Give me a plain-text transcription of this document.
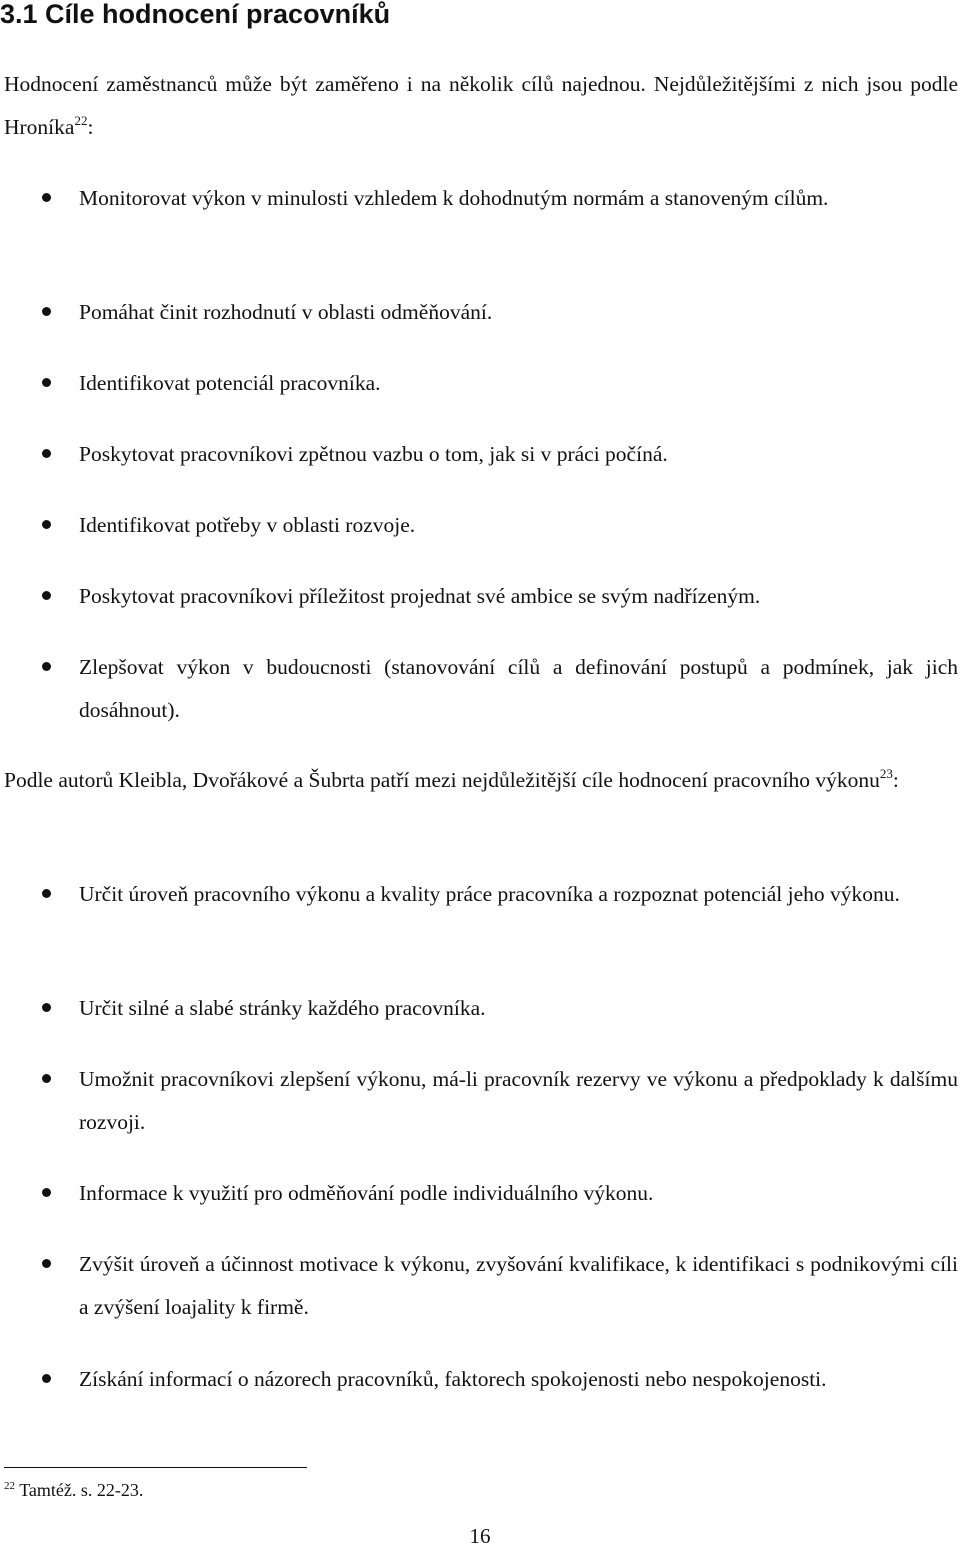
3.1 Cíle hodnocení pracovníků

Hodnocení zaměstnanců může být zaměřeno i na několik cílů najednou. Nejdůležitějšími z nich jsou podle Hroníka$^{22}$:

Monitorovat výkon v minulosti vzhledem k dohodnutým normám a stanoveným cílům.
Pomáhat činit rozhodnutí v oblasti odměňování.
Identifikovat potenciál pracovníka.
Poskytovat pracovníkovi zpětnou vazbu o tom, jak si v práci počíná.
Identifikovat potřeby v oblasti rozvoje.
Poskytovat pracovníkovi příležitost projednat své ambice se svým nadřízeným.
Zlepšovat výkon v budoucnosti (stanovování cílů a definování postupů a podmínek, jak jich dosáhnout).

Podle autorů Kleibla, Dvořákové a Šubrta patří mezi nejdůležitější cíle hodnocení pracovního výkonu$^{23}$:

Určit úroveň pracovního výkonu a kvality práce pracovníka a rozpoznat potenciál jeho výkonu.
Určit silné a slabé stránky každého pracovníka.
Umožnit pracovníkovi zlepšení výkonu, má-li pracovník rezervy ve výkonu a předpoklady k dalšímu rozvoji.
Informace k využití pro odměňování podle individuálního výkonu.
Zvýšit úroveň a účinnost motivace k výkonu, zvyšování kvalifikace, k identifikaci s podnikovými cíli a zvýšení loajality k firmě.
Získání informací o názorech pracovníků, faktorech spokojenosti nebo nespokojenosti.
$^{22}$ Tamtéž. s. 22-23.
16
